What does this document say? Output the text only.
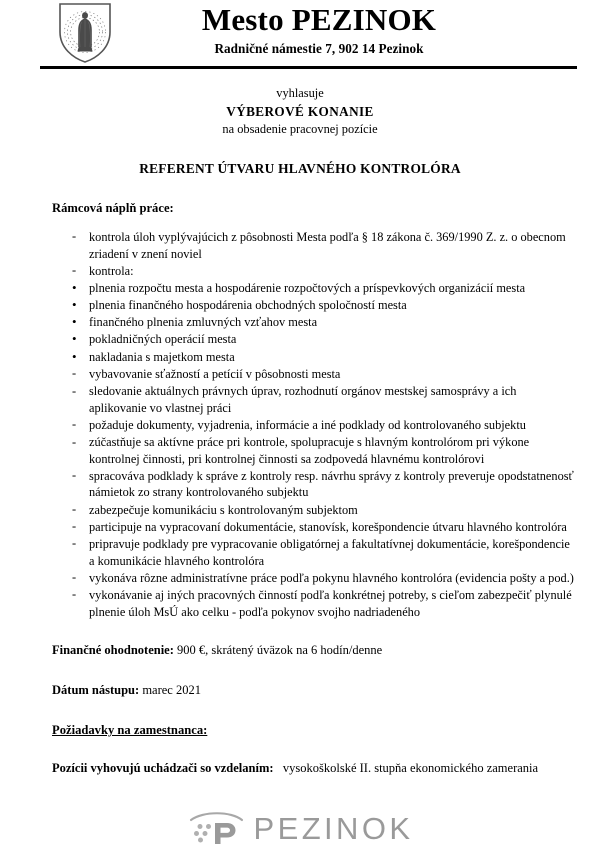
Mesto PEZINOK
Radničné námestie 7, 902 14 Pezinok
vyhlasuje
VÝBEROVÉ KONANIE
na obsadenie pracovnej pozície
REFERENT ÚTVARU HLAVNÉHO KONTROLÓRA
Rámcová náplň práce:
-	kontrola úloh vyplývajúcich z pôsobnosti Mesta podľa § 18 zákona č. 369/1990 Z. z. o obecnom zriadení v znení noviel
-	kontrola:
•	plnenia rozpočtu mesta a hospodárenie rozpočtových a príspevkových organizácií mesta
•	plnenia finančného hospodárenia obchodných spoločností mesta
•	finančného plnenia zmluvných vzťahov mesta
•	pokladničných operácií mesta
•	nakladania s majetkom mesta
-	vybavovanie sťažností a petícií v pôsobnosti mesta
-	sledovanie aktuálnych právnych úprav, rozhodnutí orgánov mestskej samosprávy a ich aplikovanie vo vlastnej práci
-	požaduje dokumenty, vyjadrenia, informácie a iné podklady od kontrolovaného subjektu
-	zúčastňuje sa aktívne práce pri kontrole, spolupracuje s hlavným kontrolórom pri výkone kontrolnej činnosti, pri kontrolnej činnosti sa zodpovedá hlavnému kontrolórovi
-	spracováva podklady k správe z kontroly resp. návrhu správy z kontroly preveruje opodstatnenosť námietok zo strany kontrolovaného subjektu
-	zabezpečuje komunikáciu s kontrolovaným subjektom
-	participuje na vypracovaní dokumentácie, stanovísk, korešpondencie útvaru hlavného kontrolóra
-	pripravuje podklady pre vypracovanie obligatórnej a fakultatívnej dokumentácie, korešpondencie a komunikácie hlavného kontrolóra
-	vykonáva rôzne administratívne práce podľa pokynu hlavného kontrolóra (evidencia pošty a pod.)
-	vykonávanie aj iných pracovných činností podľa konkrétnej potreby, s cieľom zabezpečiť plynulé plnenie úloh MsÚ ako celku - podľa pokynov svojho nadriadeného
Finančné ohodnotenie: 900 €, skrátený úväzok na 6 hodín/denne
Dátum nástupu: marec 2021
Požiadavky na zamestnanca:
Pozícii vyhovujú uchádzači so vzdelaním: vysokoškolské II. stupňa ekonomického zamerania
PEZINOK
